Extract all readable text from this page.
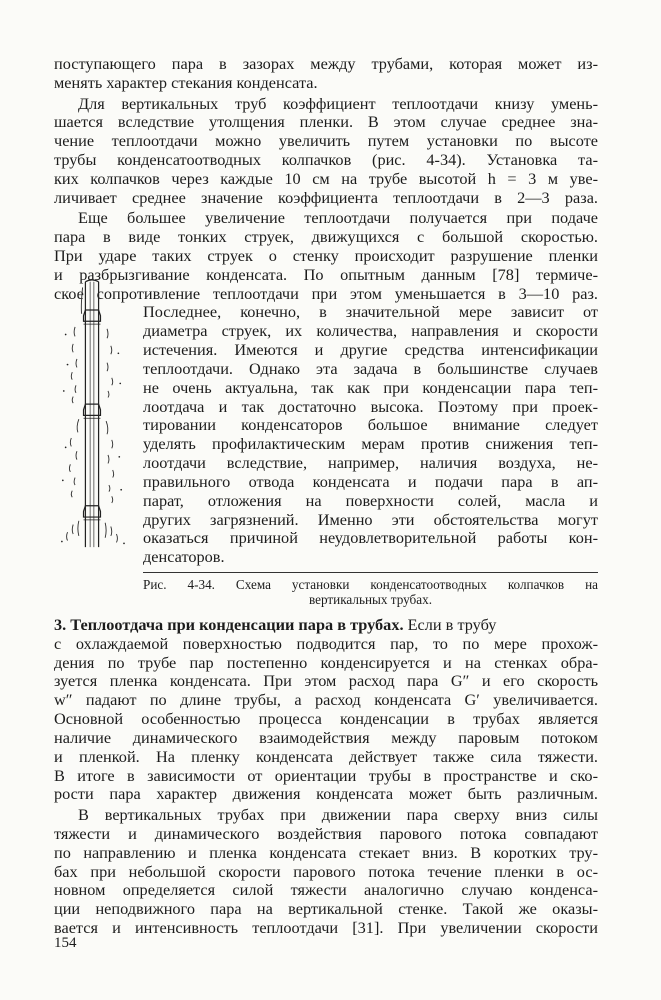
поступающего пара в зазорах между трубами, которая может из-
менять характер стекания конденсата.
Для вертикальных труб коэффициент теплоотдачи книзу умень-
шается вследствие утолщения пленки. В этом случае среднее зна-
чение теплоотдачи можно увеличить путем установки по высоте
трубы конденсатоотводных колпачков (рис. 4-34). Установка та-
ких колпачков через каждые 10 см на трубе высотой h = 3 м уве-
личивает среднее значение коэффициента теплоотдачи в 2—3 раза.
Еще большее увеличение теплоотдачи получается при подаче
пара в виде тонких струек, движущихся с большой скоростью.
При ударе таких струек о стенку происходит разрушение пленки
и разбрызгивание конденсата. По опытным данным [78] термиче-
ское сопротивление теплоотдачи при этом уменьшается в 3—10 раз.
Последнее, конечно, в значительной мере зависит от
диаметра струек, их количества, направления и скорости
истечения. Имеются и другие средства интенсификации
теплоотдачи. Однако эта задача в большинстве случаев
не очень актуальна, так как при конденсации пара теп-
лоотдача и так достаточно высока. Поэтому при проек-
тировании конденсаторов большое внимание следует
уделять профилактическим мерам против снижения теп-
лоотдачи вследствие, например, наличия воздуха, не-
правильного отвода конденсата и подачи пара в ап-
парат, отложения на поверхности солей, масла и
других загрязнений. Именно эти обстоятельства могут
оказаться причиной неудовлетворительной работы кон-
денсаторов.
Рис. 4-34. Схема установки конденсатоотводных колпачков на
вертикальных трубах.
3. Теплоотдача при конденсации пара в трубах. Если в трубу
с охлаждаемой поверхностью подводится пар, то по мере прохож-
дения по трубе пар постепенно конденсируется и на стенках обра-
зуется пленка конденсата. При этом расход пара G″ и его скорость
w″ падают по длине трубы, а расход конденсата G′ увеличивается.
Основной особенностью процесса конденсации в трубах является
наличие динамического взаимодействия между паровым потоком
и пленкой. На пленку конденсата действует также сила тяжести.
В итоге в зависимости от ориентации трубы в пространстве и ско-
рости пара характер движения конденсата может быть различным.
В вертикальных трубах при движении пара сверху вниз силы
тяжести и динамического воздействия парового потока совпадают
по направлению и пленка конденсата стекает вниз. В коротких тру-
бах при небольшой скорости парового потока течение пленки в ос-
новном определяется силой тяжести аналогично случаю конденса-
ции неподвижного пара на вертикальной стенке. Такой же оказы-
вается и интенсивность теплоотдачи [31]. При увеличении скорости
154
